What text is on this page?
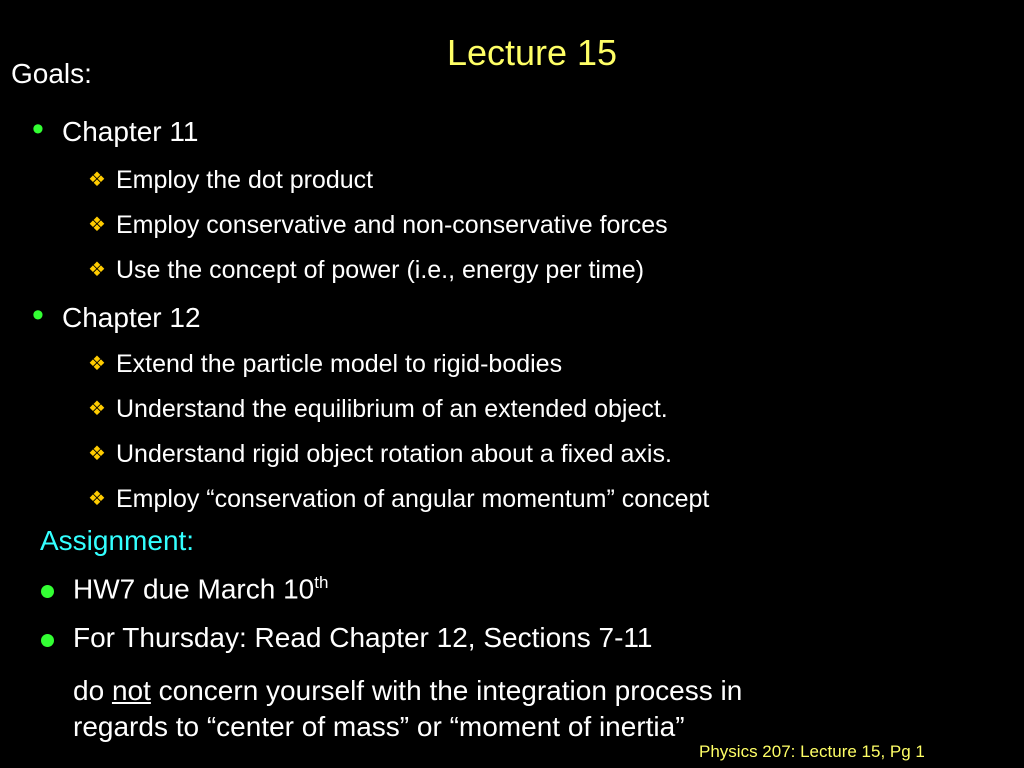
Lecture 15
Goals:
• Chapter 11
❖ Employ the dot product
❖ Employ conservative and non-conservative forces
❖ Use the concept of power (i.e., energy per time)
• Chapter 12
❖ Extend the particle model to rigid-bodies
❖ Understand the equilibrium of an extended object.
❖ Understand rigid object rotation about a fixed axis.
❖ Employ “conservation of angular momentum” concept
Assignment:
HW7 due March 10th
For Thursday: Read Chapter 12, Sections 7-11
do not concern yourself with the integration process in
regards to “center of mass” or “moment of inertia”
Physics 207: Lecture 15, Pg 1
